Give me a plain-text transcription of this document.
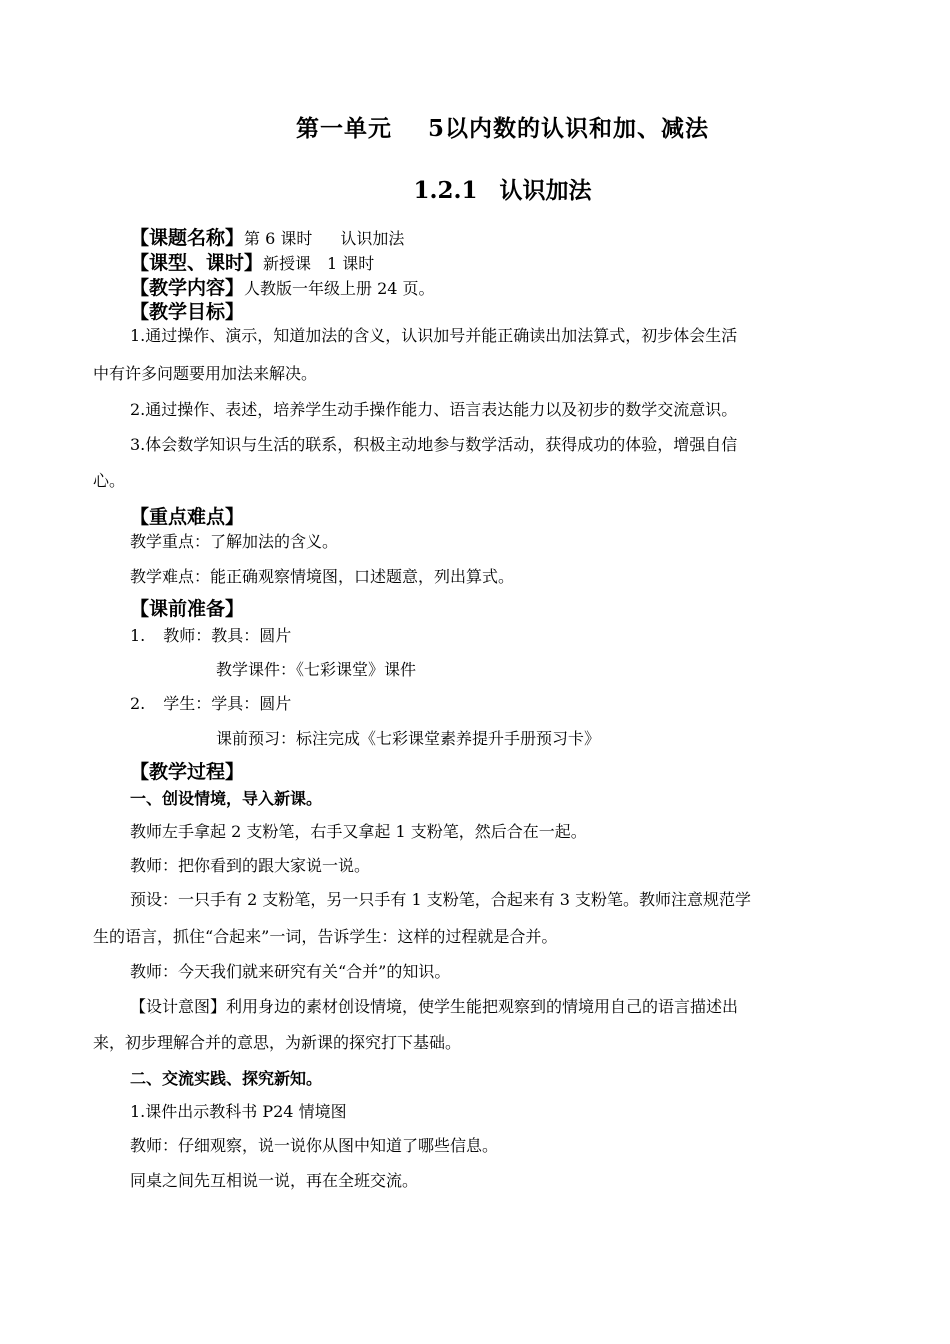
第一单元 5以内数的认识和加、减法
1.2.1 认识加法
【课题名称】第 6 课时 认识加法
【课型、课时】新授课 1 课时
【教学内容】人教版一年级上册 24 页。
【教学目标】
1.通过操作、演示，知道加法的含义，认识加号并能正确读出加法算式，初步体会生活
中有许多问题要用加法来解决。
2.通过操作、表述，培养学生动手操作能力、语言表达能力以及初步的数学交流意识。
3.体会数学知识与生活的联系，积极主动地参与数学活动，获得成功的体验，增强自信
心。
【重点难点】
教学重点：了解加法的含义。
教学难点：能正确观察情境图，口述题意，列出算式。
【课前准备】
1. 教师：教具：圆片
教学课件：《七彩课堂》课件
2. 学生：学具：圆片
课前预习：标注完成《七彩课堂素养提升手册预习卡》
【教学过程】
一、创设情境，导入新课。
教师左手拿起 2 支粉笔，右手又拿起 1 支粉笔，然后合在一起。
教师：把你看到的跟大家说一说。
预设：一只手有 2 支粉笔，另一只手有 1 支粉笔，合起来有 3 支粉笔。教师注意规范学
生的语言，抓住“合起来”一词，告诉学生：这样的过程就是合并。
教师：今天我们就来研究有关“合并”的知识。
【设计意图】利用身边的素材创设情境，使学生能把观察到的情境用自己的语言描述出
来，初步理解合并的意思，为新课的探究打下基础。
二、交流实践、探究新知。
1.课件出示教科书 P24 情境图
教师：仔细观察，说一说你从图中知道了哪些信息。
同桌之间先互相说一说，再在全班交流。
